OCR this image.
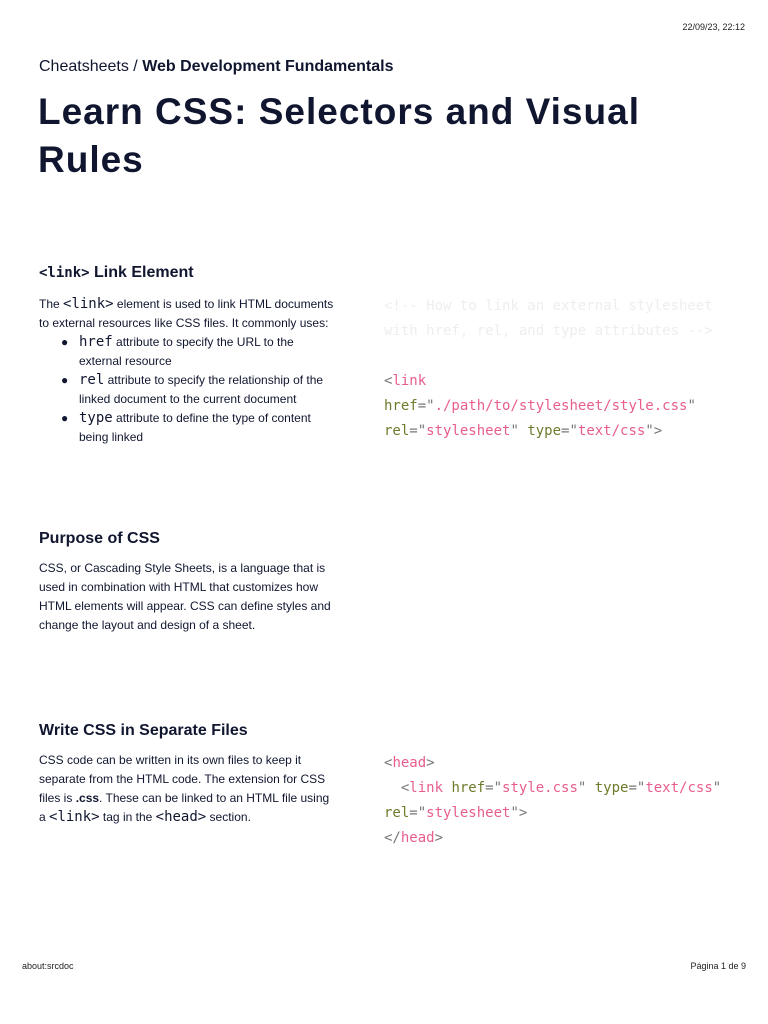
22/09/23, 22:12
Cheatsheets / Web Development Fundamentals
Learn CSS: Selectors and Visual Rules
<link> Link Element

The <link> element is used to link HTML documents to external resources like CSS files. It commonly uses:

● href attribute to specify the URL to the external resource
● rel attribute to specify the relationship of the linked document to the current document
● type attribute to define the type of content being linked
<!-- How to link an external stylesheet
with href, rel, and type attributes -->

<link
href="./path/to/stylesheet/style.css"
rel="stylesheet" type="text/css">
Purpose of CSS

CSS, or Cascading Style Sheets, is a language that is used in combination with HTML that customizes how HTML elements will appear. CSS can define styles and change the layout and design of a sheet.

Write CSS in Separate Files

CSS code can be written in its own files to keep it separate from the HTML code. The extension for CSS files is .css. These can be linked to an HTML file using a <link> tag in the <head> section.

<head>
<link href="style.css" type="text/css"
rel="stylesheet">
</head>
about:srcdoc	Página 1 de 9
